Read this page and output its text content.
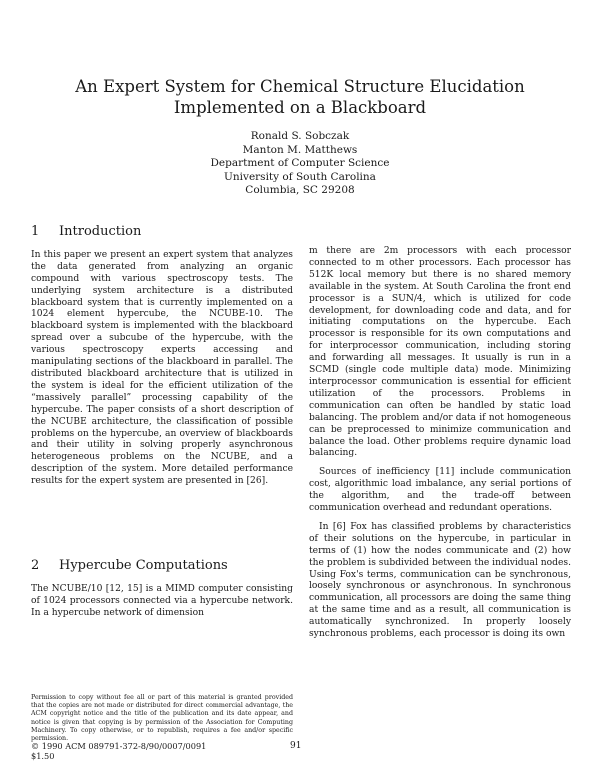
An Expert System for Chemical Structure Elucidation
Implemented on a Blackboard
Ronald S. Sobczak
Manton M. Matthews
Department of Computer Science
University of South Carolina
Columbia, SC 29208
1 Introduction

In this paper we present an expert system that analyzes the data generated from analyzing an organic compound with various spectroscopy tests. The underlying system architecture is a distributed blackboard system that is currently implemented on a 1024 element hypercube, the NCUBE-10. The blackboard system is implemented with the blackboard spread over a subcube of the hypercube, with the various spectroscopy experts accessing and manipulating sections of the blackboard in parallel. The distributed blackboard architecture that is utilized in the system is ideal for the efficient utilization of the “massively parallel” processing capability of the hypercube. The paper consists of a short description of the NCUBE architecture, the classification of possible problems on the hypercube, an overview of blackboards and their utility in solving properly asynchronous heterogeneous problems on the NCUBE, and a description of the system. More detailed performance results for the expert system are presented in [26].

2 Hypercube Computations

The NCUBE/10 [12, 15] is a MIMD computer consisting of 1024 processors connected via a hypercube network. In a hypercube network of dimension

m there are 2m processors with each processor connected to m other processors. Each processor has 512K local memory but there is no shared memory available in the system. At South Carolina the front end processor is a SUN/4, which is utilized for code development, for downloading code and data, and for initiating computations on the hypercube. Each processor is responsible for its own computations and for interprocessor communication, including storing and forwarding all messages. It usually is run in a SCMD (single code multiple data) mode. Minimizing interprocessor communication is essential for efficient utilization of the processors. Problems in communication can often be handled by static load balancing. The problem and/or data if not homogeneous can be preprocessed to minimize communication and balance the load. Other problems require dynamic load balancing.

Sources of inefficiency [11] include communication cost, algorithmic load imbalance, any serial portions of the algorithm, and the trade-off between communication overhead and redundant operations.

In [6] Fox has classified problems by characteristics of their solutions on the hypercube, in particular in terms of (1) how the nodes communicate and (2) how the problem is subdivided between the individual nodes. Using Fox's terms, communication can be synchronous, loosely synchronous or asynchronous. In synchronous communication, all processors are doing the same thing at the same time and as a result, all communication is automatically synchronized. In properly loosely synchronous problems, each processor is doing its own

Permission to copy without fee all or part of this material is granted provided that the copies are not made or distributed for direct commercial advantage, the ACM copyright notice and the title of the publication and its date appear, and notice is given that copying is by permission of the Association for Computing Machinery. To copy otherwise, or to republish, requires a fee and/or specific permission.

© 1990 ACM 089791-372-8/90/0007/0091 $1.50

91
